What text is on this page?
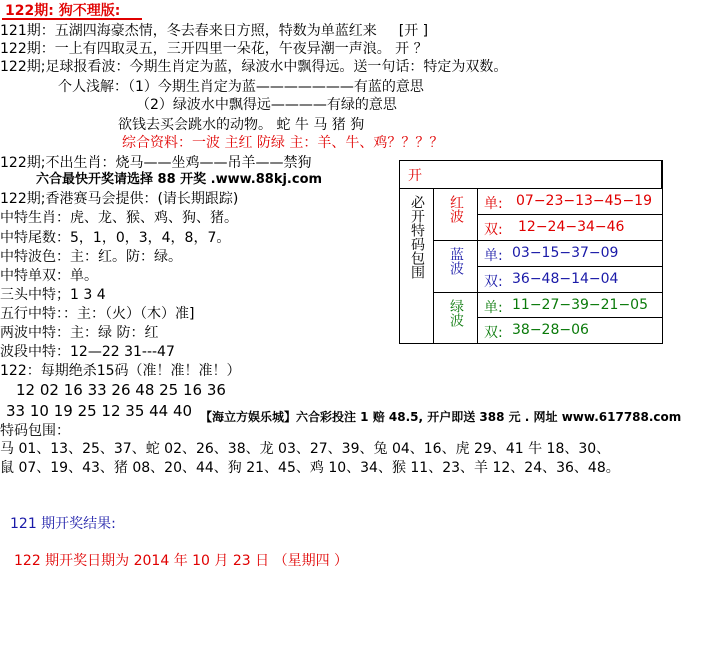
122期: 狗不理版:
121期：五湖四海豪杰情，冬去春来日方照，特数为单蓝红来 [开 ]
122期：一上有四取灵五，三开四里一朵花，午夜异潮一声浪。 开 ？
122期;足球报看波：今期生肖定为蓝，绿波水中飘得远。送一句话：特定为双数。
个人浅解：（1）今期生肖定为蓝———————有蓝的意思
（2）绿波水中飘得远————有绿的意思
欲钱去买会跳水的动物。 蛇 牛 马 猪 狗
综合资料：一波 主红 防绿 主：羊、牛、鸡？？？？
122期;不出生肖：烧马——坐鸡——吊羊——禁狗
六合最快开奖请选择 88 开奖 .www.88kj.com
122期;香港赛马会提供：(请长期跟踪)
中特生肖：虎、龙、猴、鸡、狗、猪。
中特尾数：5，1，0，3，4，8，7。
中特波色：主：红。防：绿。
中特单双：单。
三头中特；1 3 4
五行中特：：主：（火）（木）准]
两波中特：主：绿 防：红
波段中特：12—22 31---47
122：每期绝杀15码（准！准！准！）
12 02 16 33 26 48 25 16 36
33 10 19 25 12 35 44 40 【海立方娱乐城】六合彩投注 1 赔 48.5, 开户即送 388 元 . 网址 www.617788.com
特码包围：
马 01、13、25、37、蛇 02、26、38、龙 03、27、39、兔 04、16、虎 29、41 牛 18、30、
鼠 07、19、43、猪 08、20、44、狗 21、45、鸡 10、34、猴 11、23、羊 12、24、36、48。
121 期开奖结果:
122 期开奖日期为 2014 年 10 月 23 日 （星期四 ）
开
必开特码包围 红波 单: 07−23−13−45−19
双: 12−24−34−46
蓝波 单: 03−15−37−09
双: 36−48−14−04
绿波 单: 11−27−39−21−05
双: 38−28−06
